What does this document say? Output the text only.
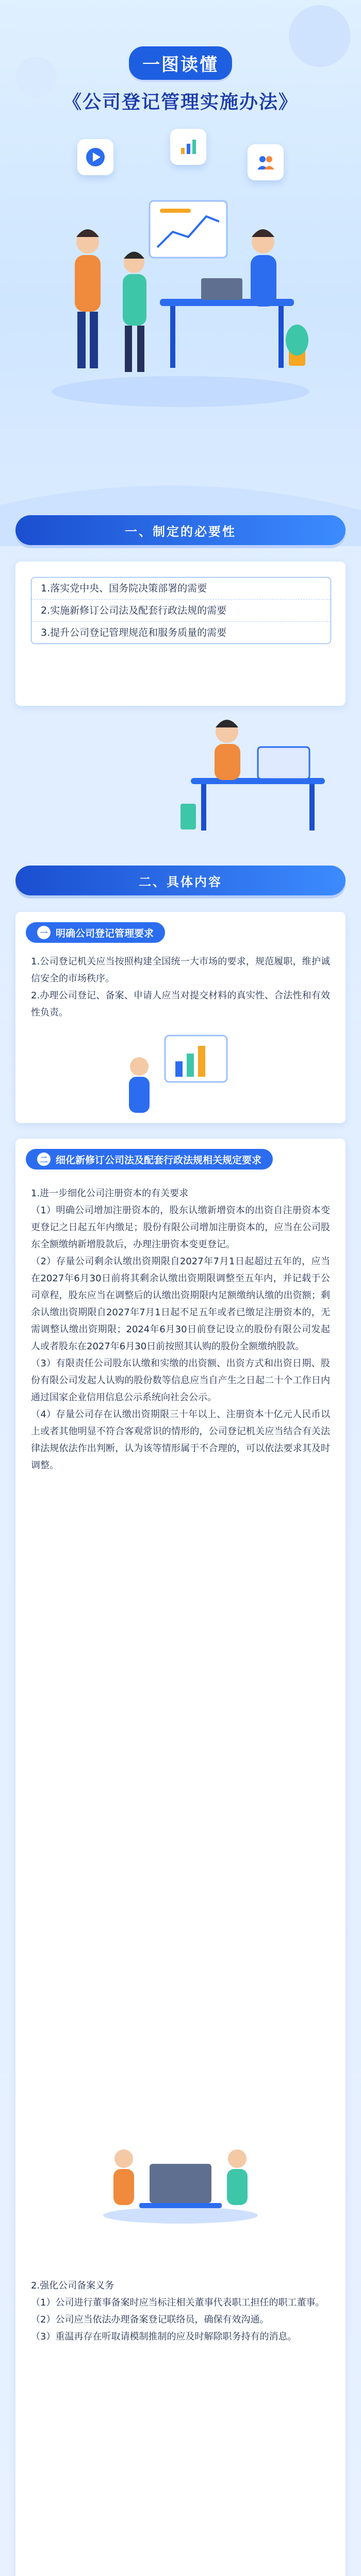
一图读懂
《公司登记管理实施办法》
一、制定的必要性
1.落实党中央、国务院决策部署的需要
2.实施新修订公司法及配套行政法规的需要
3.提升公司登记管理规范和服务质量的需要
二、具体内容
一 明确公司登记管理要求
1.公司登记机关应当按照构建全国统一大市场的要求，规范履职，维护诚信安全的市场秩序。
2.办理公司登记、备案、申请人应当对提交材料的真实性、合法性和有效性负责。
二 细化新修订公司法及配套行政法规相关规定要求
1.进一步细化公司注册资本的有关要求
（1）明确公司增加注册资本的，股东认缴新增资本的出资自注册资本变更登记之日起五年内缴足；股份有限公司增加注册资本的，应当在公司股东全额缴纳新增股款后，办理注册资本变更登记。
（2）存量公司剩余认缴出资期限自2027年7月1日起超过五年的，应当在2027年6月30日前将其剩余认缴出资期限调整至五年内，并记载于公司章程，股东应当在调整后的认缴出资期限内足额缴纳认缴的出资额；剩余认缴出资期限自2027年7月1日起不足五年或者已缴足注册资本的，无需调整认缴出资期限；2024年6月30日前登记设立的股份有限公司发起人或者股东在2027年6月30日前按照其认购的股份全额缴纳股款。
（3）有限责任公司股东认缴和实缴的出资额、出资方式和出资日期、股份有限公司发起人认购的股份数等信息应当自产生之日起二十个工作日内通过国家企业信用信息公示系统向社会公示。
（4）存量公司存在认缴出资期限三十年以上、注册资本十亿元人民币以上或者其他明显不符合客观常识的情形的，公司登记机关应当结合有关法律法规依法作出判断，认为该等情形属于不合理的，可以依法要求其及时调整。
2.强化公司备案义务
（1）公司进行董事备案时应当标注相关董事代表职工担任的职工董事。
（2）公司应当依法办理备案登记联络员，确保有效沟通。
（3）重温再存在听取请模制推制的应及时解除职务持有的消息。
